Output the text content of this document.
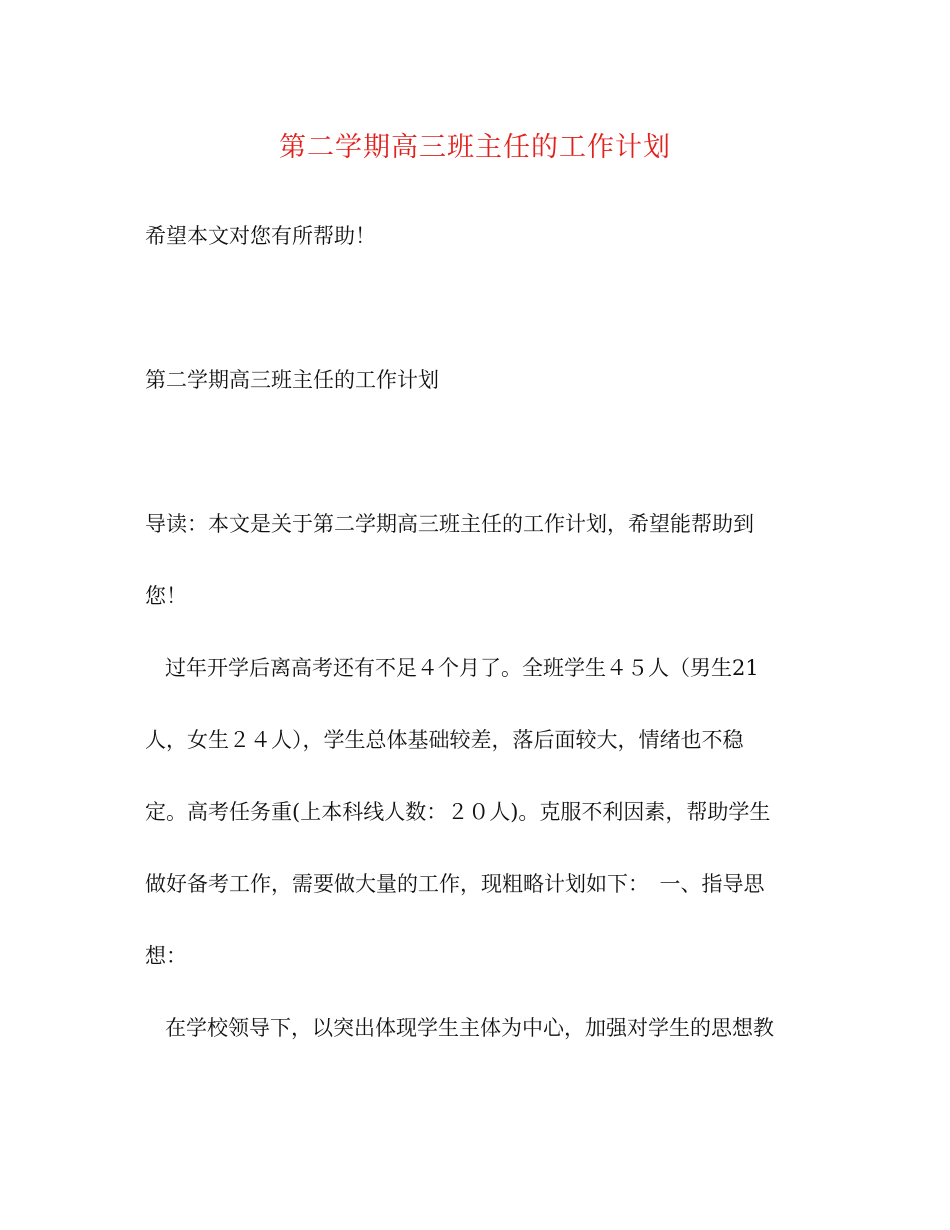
第二学期高三班主任的工作计划

希望本文对您有所帮助！

第二学期高三班主任的工作计划

导读：本文是关于第二学期高三班主任的工作计划，希望能帮助到

您！

过年开学后离高考还有不足４个月了。全班学生４５人（男生21

人，女生２４人），学生总体基础较差，落后面较大，情绪也不稳

定。高考任务重(上本科线人数：２０人)。克服不利因素，帮助学生

做好备考工作，需要做大量的工作，现粗略计划如下：　一、指导思

想：

在学校领导下，以突出体现学生主体为中心，加强对学生的思想教
